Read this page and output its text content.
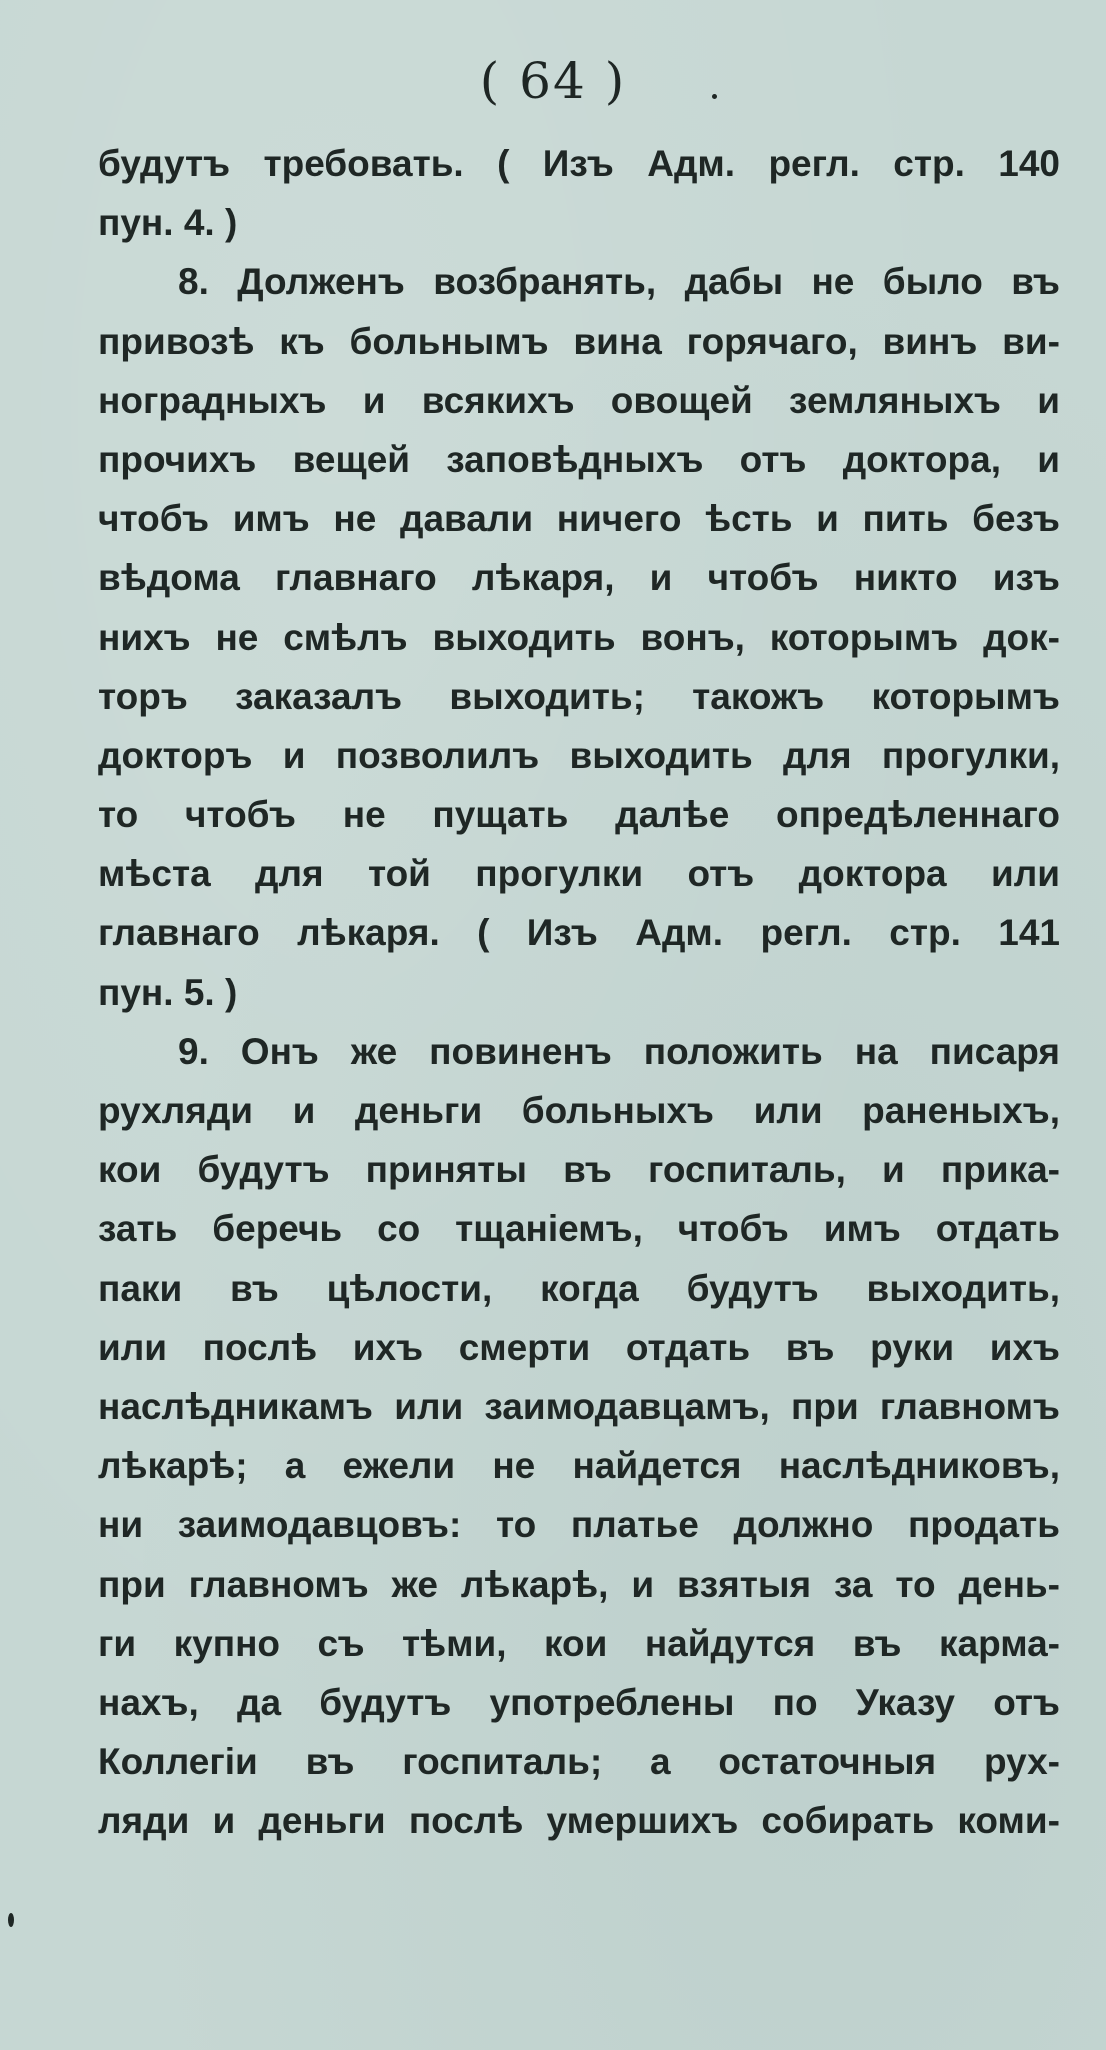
( 64 )
будутъ требовать. ( Изъ Адм. регл. стр. 140
пун. 4. )
8. Долженъ возбранять, дабы не было въ
привозѣ къ больнымъ вина горячаго, винъ ви-
ноградныхъ и всякихъ овощей земляныхъ и
прочихъ вещей заповѣдныхъ отъ доктора, и
чтобъ имъ не давали ничего ѣсть и пить безъ
вѣдома главнаго лѣкаря, и чтобъ никто изъ
нихъ не смѣлъ выходить вонъ, которымъ док-
торъ заказалъ выходить; такожъ которымъ
докторъ и позволилъ выходить для прогулки,
то чтобъ не пущать далѣе опредѣленнаго
мѣста для той прогулки отъ доктора или
главнаго лѣкаря. ( Изъ Адм. регл. стр. 141
пун. 5. )
9. Онъ же повиненъ положить на писаря
рухляди и деньги больныхъ или раненыхъ,
кои будутъ приняты въ госпиталь, и прика-
зать беречь со тщаніемъ, чтобъ имъ отдать
паки въ цѣлости, когда будутъ выходить,
или послѣ ихъ смерти отдать въ руки ихъ
наслѣдникамъ или заимодавцамъ, при главномъ
лѣкарѣ; а ежели не найдется наслѣдниковъ,
ни заимодавцовъ: то платье должно продать
при главномъ же лѣкарѣ, и взятыя за то день-
ги купно съ тѣми, кои найдутся въ карма-
нахъ, да будутъ употреблены по Указу отъ
Коллегіи въ госпиталь; а остаточныя рух-
ляди и деньги послѣ умершихъ собирать коми-
